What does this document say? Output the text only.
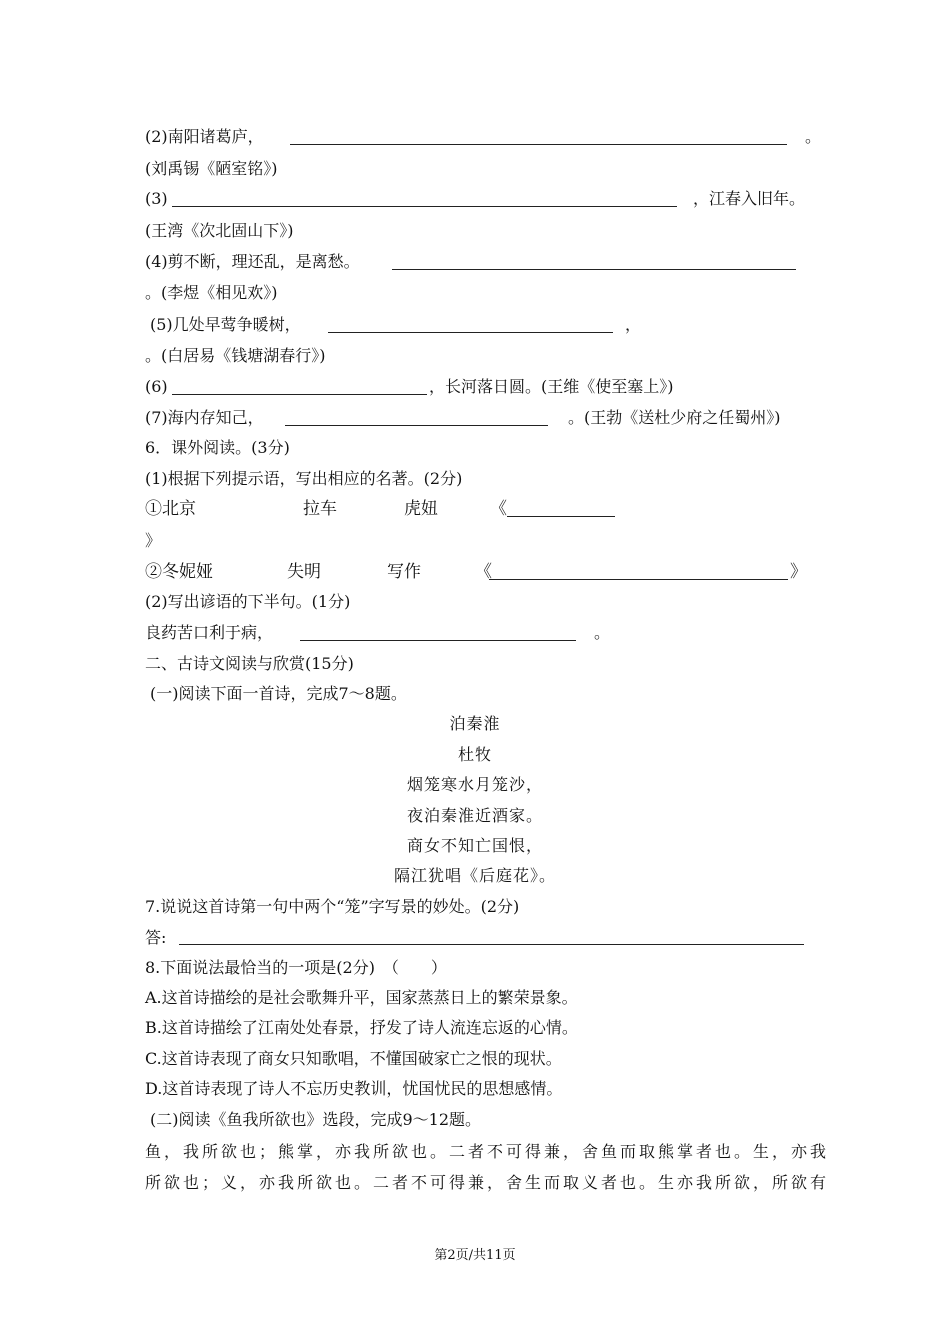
(2)南阳诸葛庐，	。
(刘禹锡《陋室铭》)
(3)	，江春入旧年。
(王湾《次北固山下》)
(4)剪不断，理还乱，是离愁。
。(李煜《相见欢》)
(5)几处早莺争暖树，	，
。(白居易《钱塘湖春行》)
(6)	，长河落日圆。(王维《使至塞上》)
(7)海内存知己，	。(王勃《送杜少府之任蜀州》)
6．课外阅读。(3分)
(1)根据下列提示语，写出相应的名著。(2分)
①北京	拉车	虎妞	《
》
②冬妮娅	失明	写作	《	》
(2)写出谚语的下半句。(1分)
良药苦口利于病，	。
二、古诗文阅读与欣赏(15分)
(一)阅读下面一首诗，完成7～8题。
泊秦淮
杜牧
烟笼寒水月笼沙，
夜泊秦淮近酒家。
商女不知亡国恨，
隔江犹唱《后庭花》。
7.说说这首诗第一句中两个“笼”字写景的妙处。(2分)
答:
8.下面说法最恰当的一项是(2分)　（　　）
A.这首诗描绘的是社会歌舞升平，国家蒸蒸日上的繁荣景象。
B.这首诗描绘了江南处处春景，抒发了诗人流连忘返的心情。
C.这首诗表现了商女只知歌唱，不懂国破家亡之恨的现状。
D.这首诗表现了诗人不忘历史教训，忧国忧民的思想感情。
(二)阅读《鱼我所欲也》选段，完成9～12题。
鱼，我所欲也；熊掌，亦我所欲也。二者不可得兼，舍鱼而取熊掌者也。生，亦我
所欲也；义，亦我所欲也。二者不可得兼，舍生而取义者也。生亦我所欲，所欲有
第2页/共11页
